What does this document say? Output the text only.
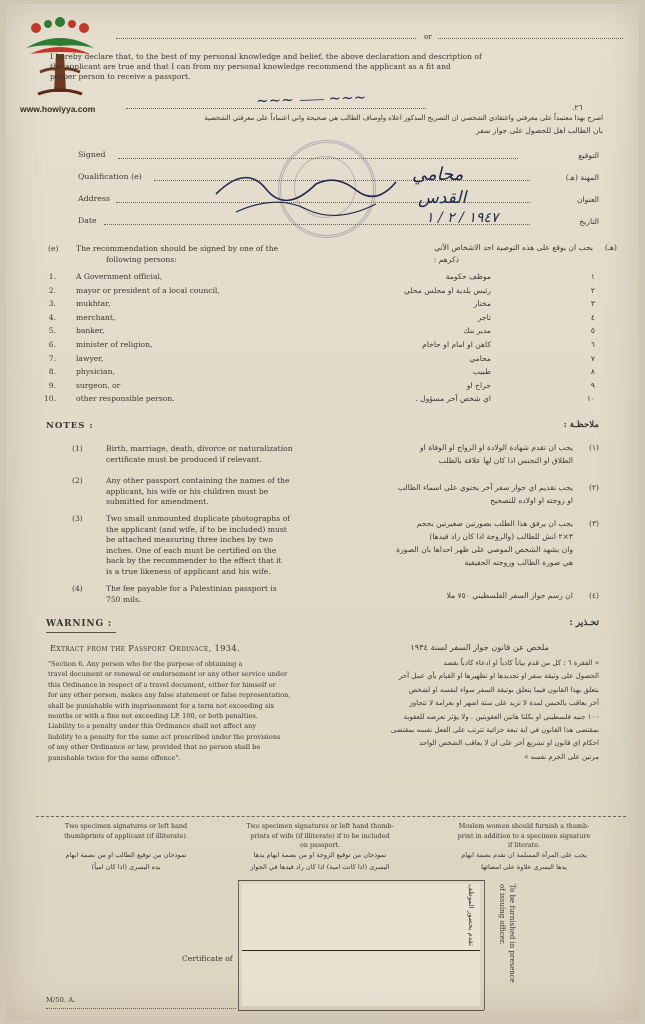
www.howiyya.com
or
I hereby declare that, to the best of my personal knowledge and belief, the above declaration and description of
the applicant are true and that I can from my personal knowledge recommend the applicant as a fit and
proper person to receive a passport.
~~~ ⸺ ~~~	٢٦.
اصرح بهذا معتمداً على معرفتي واعتقادي الشخصي ان التصريح المذكور اعلاه واوصاف الطالب هي صحيحة واني اعتماداً على معرفتي الشخصية
بان الطالب اهل للحصول على جواز سفر
Signed	التوقيع
Qualification (e)	المهنة (هـ)
محامي
Address	العنوان
القدس
Date	التاريخ
١٩٤٧ / ٢ / ١
(e) The recommendation should be signed by one of the
following persons:
(هـ)
يجب ان يوقع على هذه التوصية احد الاشخاص الآتي
ذكرهم :
1.	A Government official,	موظف حكومة	١
2.	mayor or president of a local council,	رئيس بلدية او مجلس محلي	٢
3.	mukhtar,	مختار	٣
4.	merchant,	تاجر	٤
5.	banker,	مدير بنك	٥
6.	minister of religion,	كاهن او امام او حاخام	٦
7.	lawyer,	محامي	٧
8.	physician,	طبيب	٨
9.	surgeon, or	جراح او	٩
10.	other responsible person.	اي شخص آخر مسؤول .	١٠
NOTES :	ملاحظـة :
(1)	Birth, marriage, death, divorce or naturalization
certificate must be produced if relevant.
(2)	Any other passport containing the names of the
applicant, his wife or his children must be
submitted for amendment.
(3)	Two small unmounted duplicate photographs of
the applicant (and wife, if to be included) must
be attached measuring three inches by two
inches. One of each must be certified on the
back by the recommender to the effect that it
is a true likeness of applicant and his wife.
(4)	The fee payable for a Palestinian passport is
750 mils.
(١)
يجب ان تقدم شهادة الولادة او الزواج او الوفاة او
الطلاق او التجنس اذا كان لها علاقة بالطلب
(٢)
يجب تقديم اي جواز سفر آخر يحتوي على اسماء الطالب
او زوجته او اولاده للتصحيح
(٣)
يجب ان يرفق هذا الطلب بصورتين صغيرتين بحجم
٣×٢ انش للطالب (والزوجة اذا كان راد قيدها)
وان يشهد الشخص الموصي على ظهر احداها بان الصورة
هي صورة الطالب وزوجته الحقيقية
(٤)
ان رسم جواز السفر الفلسطيني ٧٥٠ ملا
WARNING :	تحـذير :
Extract from the Passport Ordinace, 1934.	ملخص عن قانون جواز السفر لسنة ١٩٣٤
"Section 6. Any person who for the purpose of obtaining a
travel document or renewal or endorsement or any other service under
this Ordinance in respect of a travel document, either for himself or
for any other person, makes any false statement or false representation,
shall be punishable with imprisonment for a term not exceeding six
months or with a fine not exceeding LP. 100, or both penalties.
Liability to a penalty under this Ordinance shall not affect any
liability to a penalty for the same act prescribed under the provisions
of any other Ordinance or law, provided that no person shall be
punishable twice for the same offence".
« الفقرة ٦ : كل من قدم بياناً كاذباً او ادعاء كاذباً بقصد
الحصول على وثيقة سفر او تجديدها او تظهيرها او القيام بأي عمل آخر
يتعلق بهذا القانون فيما يتعلق بوثيقة السفر سواء لنفسه او لشخص
آخر يعاقب بالحبس لمدة لا تزيد على ستة اشهر او بغرامة لا تتجاوز
١٠٠ جنيه فلسطيني او بكلتا هاتين العقوبتين . ولا يؤثر تعرضه للعقوبة
بمقتضى هذا القانون في اية تبعة جزائية تترتب على الفعل نفسه بمقتضى
احكام اي قانون او تشريع آخر على ان لا يعاقب الشخص الواحد
مرتين على الجرم نفسه »
Two specimen signatures or left hand
thumbprints of applicant (if illiterate).
نموذجان من توقيع الطالب او من بصمة ابهام
يده اليسرى (اذا كان امياً)
Two specimen signatures or left hand thumb-
prints of wife (if illiterate) if to be included
on passport.
نموذجان من توقيع الزوجة او من بصمة ابهام يدها
اليسرى (اذا كانت امية) اذا كان راد قيدها في الجواز
Moslem women should furnish a thumb-
print in addition to a specimen signature
if literate.
يجب على المرأة المسلمة ان تقدم بصمة ابهام
يدها اليسرى علاوة على امضائها
Certificate of	To be furnished in presence
of issuing officer.
تقدم بحضور الموظف
M/50. A.
